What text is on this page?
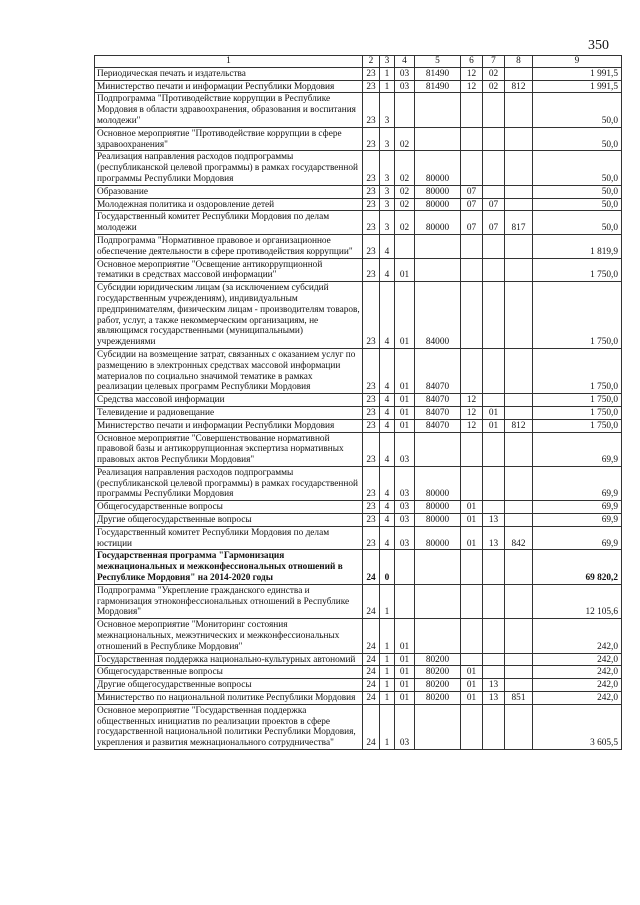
350
1	2	3	4	5	6	7	8	9
Периодическая печать и издательства	23	1	03	81490	12	02		1 991,5
Министерство печати и информации Республики Мордовия	23	1	03	81490	12	02	812	1 991,5
Подпрограмма "Противодействие коррупции в Республике Мордовия в области здравоохранения, образования и воспитания молодежи"	23	3						50,0
Основное мероприятие "Противодействие коррупции в сфере здравоохранения"	23	3	02					50,0
Реализация направления расходов подпрограммы (республиканской целевой программы) в рамках государственной программы Республики Мордовия	23	3	02	80000				50,0
Образование	23	3	02	80000	07			50,0
Молодежная политика и оздоровление детей	23	3	02	80000	07	07		50,0
Государственный комитет Республики Мордовия по делам молодежи	23	3	02	80000	07	07	817	50,0
Подпрограмма "Нормативное правовое и организационное обеспечение деятельности в сфере противодействия коррупции"	23	4						1 819,9
Основное мероприятие "Освещение антикоррупционной тематики в средствах массовой информации"	23	4	01					1 750,0
Субсидии юридическим лицам (за исключением субсидий государственным учреждениям), индивидуальным предпринимателям, физическим лицам - производителям товаров, работ, услуг, а также некоммерческим организациям, не являющимся государственными (муниципальными) учреждениями	23	4	01	84000				1 750,0
Субсидии на возмещение затрат, связанных с оказанием услуг по размещению в электронных средствах массовой информации материалов по социально значимой тематике в рамках реализации целевых программ Республики Мордовия	23	4	01	84070				1 750,0
Средства массовой информации	23	4	01	84070	12			1 750,0
Телевидение и радиовещание	23	4	01	84070	12	01		1 750,0
Министерство печати и информации Республики Мордовия	23	4	01	84070	12	01	812	1 750,0
Основное мероприятие "Совершенствование нормативной правовой базы и антикоррупционная экспертиза нормативных правовых актов Республики Мордовия"	23	4	03					69,9
Реализация направления расходов подпрограммы (республиканской целевой программы) в рамках государственной программы Республики Мордовия	23	4	03	80000				69,9
Общегосударственные вопросы	23	4	03	80000	01			69,9
Другие общегосударственные вопросы	23	4	03	80000	01	13		69,9
Государственный комитет Республики Мордовия по делам юстиции	23	4	03	80000	01	13	842	69,9
Государственная программа "Гармонизация межнациональных и межконфессиональных отношений в Республике Мордовия" на 2014-2020 годы	24	0						69 820,2
Подпрограмма "Укрепление гражданского единства и гармонизация этноконфессиональных отношений в Республике Мордовия"	24	1						12 105,6
Основное мероприятие "Мониторинг состояния межнациональных, межэтнических и межконфессиональных отношений в Республике Мордовия"	24	1	01					242,0
Государственная поддержка национально-культурных автономий	24	1	01	80200				242,0
Общегосударственные вопросы	24	1	01	80200	01			242,0
Другие общегосударственные вопросы	24	1	01	80200	01	13		242,0
Министерство по национальной политике Республики Мордовия	24	1	01	80200	01	13	851	242,0
Основное мероприятие "Государственная поддержка общественных инициатив по реализации проектов в сфере государственной национальной политики Республики Мордовия, укрепления и развития межнационального сотрудничества"	24	1	03					3 605,5
